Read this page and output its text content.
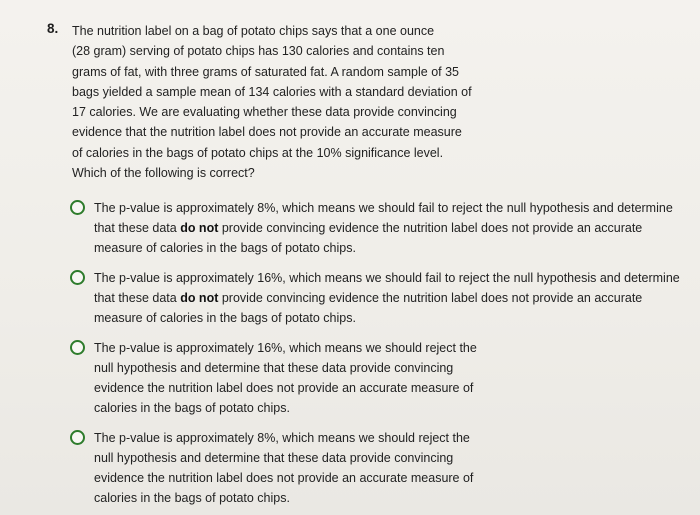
8. The nutrition label on a bag of potato chips says that a one ounce
(28 gram) serving of potato chips has 130 calories and contains ten
grams of fat, with three grams of saturated fat. A random sample of 35
bags yielded a sample mean of 134 calories with a standard deviation of
17 calories. We are evaluating whether these data provide convincing
evidence that the nutrition label does not provide an accurate measure
of calories in the bags of potato chips at the 10% significance level.
Which of the following is correct?
The p-value is approximately 8%, which means we should fail to reject the null hypothesis and determine
that these data do not provide convincing evidence the nutrition label does not provide an accurate
measure of calories in the bags of potato chips.
The p-value is approximately 16%, which means we should fail to reject the null hypothesis and determine
that these data do not provide convincing evidence the nutrition label does not provide an accurate
measure of calories in the bags of potato chips.
The p-value is approximately 16%, which means we should reject the
null hypothesis and determine that these data provide convincing
evidence the nutrition label does not provide an accurate measure of
calories in the bags of potato chips.
The p-value is approximately 8%, which means we should reject the
null hypothesis and determine that these data provide convincing
evidence the nutrition label does not provide an accurate measure of
calories in the bags of potato chips.
